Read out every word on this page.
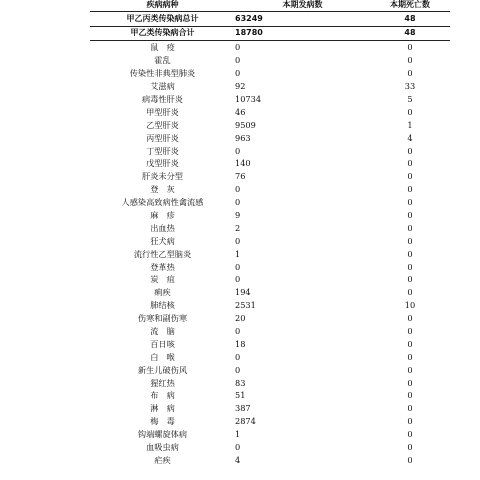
疾病病种	本期发病数	本期死亡数
甲乙丙类传染病总计	63249	48
甲乙类传染病合计	18780	48
鼠　疫	0	0
霍乱	0	0
传染性非典型肺炎	0	0
艾滋病	92	33
病毒性肝炎	10734	5
甲型肝炎	46	0
乙型肝炎	9509	1
丙型肝炎	963	4
丁型肝炎	0	0
戊型肝炎	140	0
肝炎未分型	76	0
登　灰	0	0
人感染高致病性禽流感	0	0
麻　疹	9	0
出血热	2	0
狂犬病	0	0
流行性乙型脑炎	1	0
登革热	0	0
炭　疽	0	0
痢疾	194	0
肺结核	2531	10
伤寒和副伤寒	20	0
流　脑	0	0
百日咳	18	0
白　喉	0	0
新生儿破伤风	0	0
猩红热	83	0
布　病	51	0
淋　病	387	0
梅　毒	2874	0
钩端螺旋体病	1	0
血吸虫病	0	0
疟疾	4	0
